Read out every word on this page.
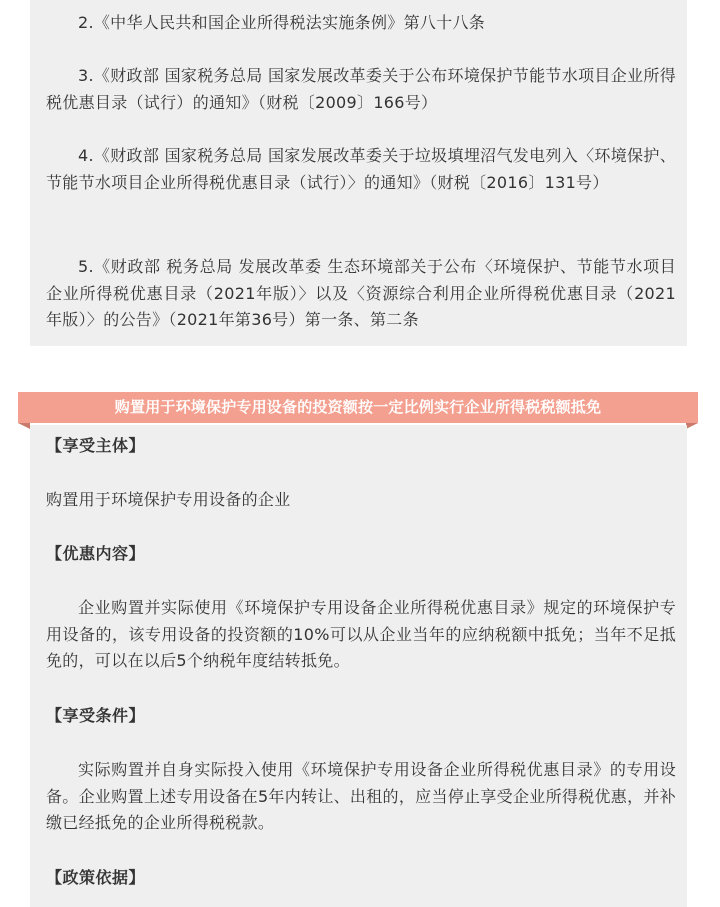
2.《中华人民共和国企业所得税法实施条例》第八十八条

3.《财政部 国家税务总局 国家发展改革委关于公布环境保护节能节水项目企业所得税优惠目录（试行）的通知》（财税〔2009〕166号）

4.《财政部 国家税务总局 国家发展改革委关于垃圾填埋沼气发电列入〈环境保护、节能节水项目企业所得税优惠目录（试行）〉的通知》（财税〔2016〕131号）

5.《财政部 税务总局 发展改革委 生态环境部关于公布〈环境保护、节能节水项目企业所得税优惠目录（2021年版）〉以及〈资源综合利用企业所得税优惠目录（2021年版）〉的公告》（2021年第36号）第一条、第二条

购置用于环境保护专用设备的投资额按一定比例实行企业所得税税额抵免

【享受主体】

购置用于环境保护专用设备的企业

【优惠内容】

企业购置并实际使用《环境保护专用设备企业所得税优惠目录》规定的环境保护专用设备的，该专用设备的投资额的10%可以从企业当年的应纳税额中抵免；当年不足抵免的，可以在以后5个纳税年度结转抵免。

【享受条件】

实际购置并自身实际投入使用《环境保护专用设备企业所得税优惠目录》的专用设备。企业购置上述专用设备在5年内转让、出租的，应当停止享受企业所得税优惠，并补缴已经抵免的企业所得税税款。

【政策依据】
